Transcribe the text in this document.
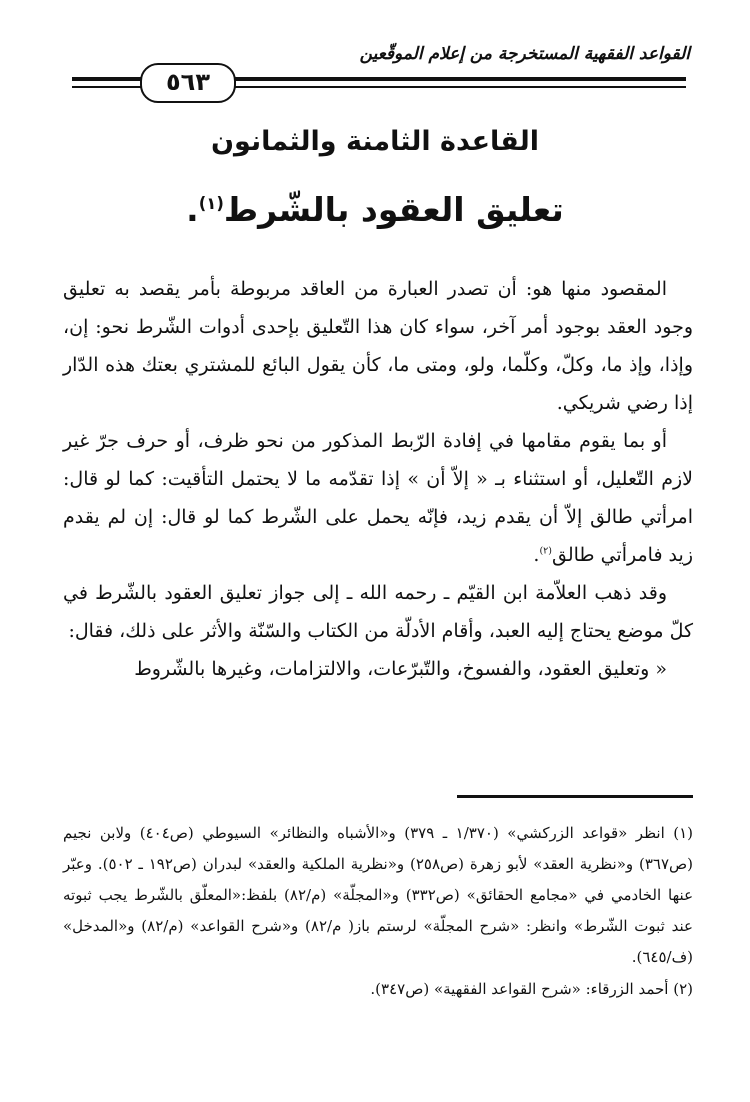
القواعد الفقهية المستخرجة من إعلام الموقّعين
٥٦٣
القاعدة الثامنة والثمانون
تعليق العقود بالشّرط$^{(١)}$.

المقصود منها هو: أن تصدر العبارة من العاقد مربوطة بأمر يقصد به تعليق وجود العقد بوجود أمر آخر، سواء كان هذا التّعليق بإحدى أدوات الشّرط نحو: إن، وإذا، وإذ ما، وكلّ، وكلّما، ولو، ومتى ما، كأن يقول البائع للمشتري بعتك هذه الدّار إذا رضي شريكي.

أو بما يقوم مقامها في إفادة الرّبط المذكور من نحو ظرف، أو حرف جرّ غير لازم التّعليل، أو استثناء بـ « إلاّ أن » إذا تقدّمه ما لا يحتمل التأقيت: كما لو قال: امرأتي طالق إلاّ أن يقدم زيد، فإنّه يحمل على الشّرط كما لو قال: إن لم يقدم زيد فامرأتي طالق$^{(٢)}$.

وقد ذهب العلاّمة ابن القيّم ـ رحمه الله ـ إلى جواز تعليق العقود بالشّرط في كلّ موضع يحتاج إليه العبد، وأقام الأدلّة من الكتاب والسّنّة والأثر على ذلك، فقال:

« وتعليق العقود، والفسوخ، والتّبرّعات، والالتزامات، وغيرها بالشّروط

(١) انظر «قواعد الزركشي» (١/٣٧٠ ـ ٣٧٩) و«الأشباه والنظائر» السيوطي (ص٤٠٤) ولابن نجيم (ص٣٦٧) و«نظرية العقد» لأبو زهرة (ص٢٥٨) و«نظرية الملكية والعقد» لبدران (ص١٩٢ ـ ٥٠٢). وعبّر عنها الخادمي في «مجامع الحقائق» (ص٣٣٢) و«المجلّة» (م/٨٢) بلفظ:«المعلّق بالشّرط يجب ثبوته عند ثبوت الشّرط» وانظر: «شرح المجلّة» لرستم باز( م/٨٢) و«شرح القواعد» (م/٨٢) و«المدخل» (ف/٦٤٥).

(٢) أحمد الزرقاء: «شرح القواعد الفقهية» (ص٣٤٧).
